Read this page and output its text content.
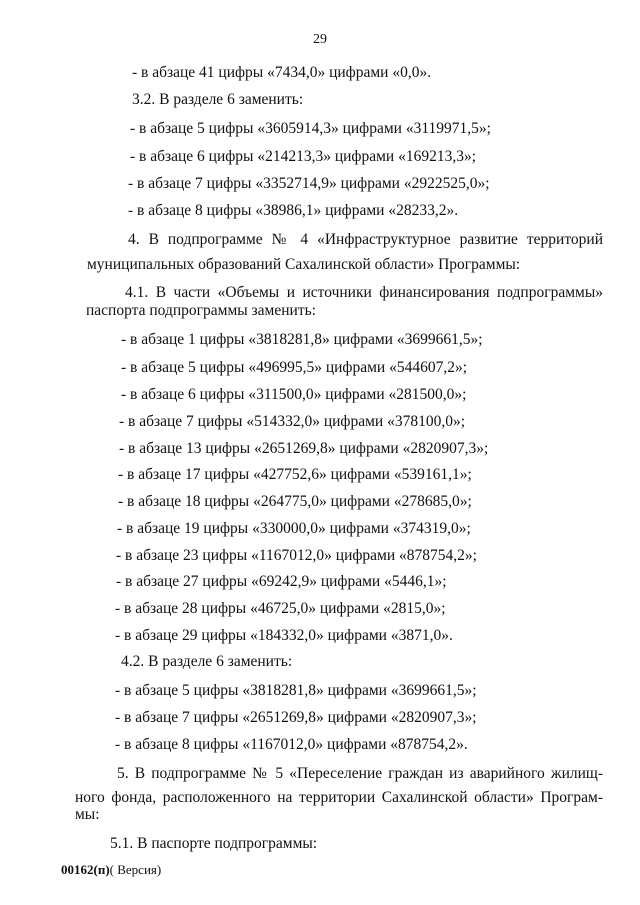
29
- в абзаце 41 цифры «7434,0» цифрами «0,0».
3.2. В разделе 6 заменить:
- в абзаце 5 цифры «3605914,3» цифрами «3119971,5»;
- в абзаце 6 цифры «214213,3» цифрами «169213,3»;
- в абзаце 7 цифры «3352714,9» цифрами «2922525,0»;
- в абзаце 8 цифры «38986,1» цифрами «28233,2».
4. В подпрограмме № 4 «Инфраструктурное развитие территорий
муниципальных образований Сахалинской области» Программы:
4.1. В части «Объемы и источники финансирования подпрограммы»
паспорта подпрограммы заменить:
- в абзаце 1 цифры «3818281,8» цифрами «3699661,5»;
- в абзаце 5 цифры «496995,5» цифрами «544607,2»;
- в абзаце 6 цифры «311500,0» цифрами «281500,0»;
- в абзаце 7 цифры «514332,0» цифрами «378100,0»;
- в абзаце 13 цифры «2651269,8» цифрами «2820907,3»;
- в абзаце 17 цифры «427752,6» цифрами «539161,1»;
- в абзаце 18 цифры «264775,0» цифрами «278685,0»;
- в абзаце 19 цифры «330000,0» цифрами «374319,0»;
- в абзаце 23 цифры «1167012,0» цифрами «878754,2»;
- в абзаце 27 цифры «69242,9» цифрами «5446,1»;
- в абзаце 28 цифры «46725,0» цифрами «2815,0»;
- в абзаце 29 цифры «184332,0» цифрами «3871,0».
4.2. В разделе 6 заменить:
- в абзаце 5 цифры «3818281,8» цифрами «3699661,5»;
- в абзаце 7 цифры «2651269,8» цифрами «2820907,3»;
- в абзаце 8 цифры «1167012,0» цифрами «878754,2».
5. В подпрограмме № 5 «Переселение граждан из аварийного жилищ-
ного фонда, расположенного на территории Сахалинской области» Програм-
мы:
5.1. В паспорте подпрограммы:
00162(п)( Версия)
